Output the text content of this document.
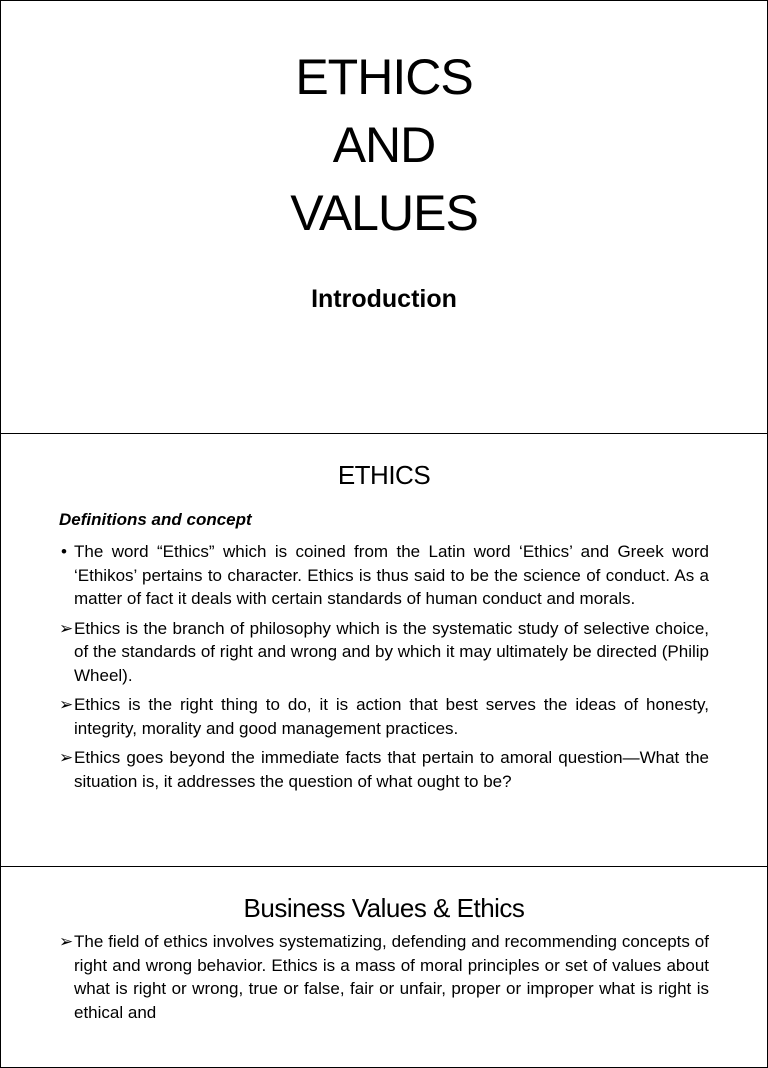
ETHICS
AND
VALUES
Introduction
ETHICS
Definitions and concept
• The word “Ethics” which is coined from the Latin word ‘Ethics’ and Greek word ‘Ethikos’ pertains to character. Ethics is thus said to be the science of conduct. As a matter of fact it deals with certain standards of human conduct and morals.
➢ Ethics is the branch of philosophy which is the systematic study of selective choice, of the standards of right and wrong and by which it may ultimately be directed (Philip Wheel).
➢ Ethics is the right thing to do, it is action that best serves the ideas of honesty, integrity, morality and good management practices.
➢ Ethics goes beyond the immediate facts that pertain to amoral question—What the situation is, it addresses the question of what ought to be?
Business Values & Ethics
➢ The field of ethics involves systematizing, defending and recommending concepts of right and wrong behavior. Ethics is a mass of moral principles or set of values about what is right or wrong, true or false, fair or unfair, proper or improper what is right is ethical and
